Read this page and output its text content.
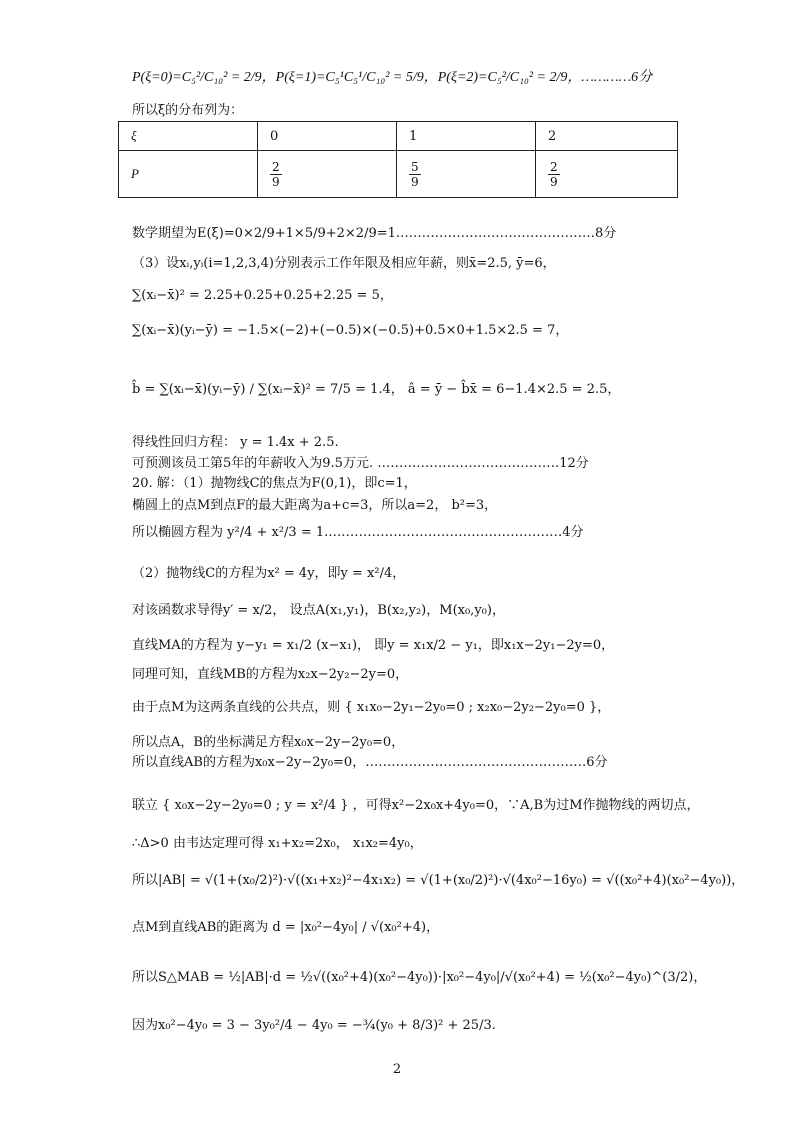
P(ξ=0)=C₅²/C₁₀² = 2/9，P(ξ=1)=C₅¹C₅¹/C₁₀² = 5/9，P(ξ=2)=C₅²/C₁₀² = 2/9，…………6分
所以ξ的分布列为：
ξ	0	1	2
P	$\frac{2}{9}$	$\frac{5}{9}$	$\frac{2}{9}$
数学期望为E(ξ)=0×2/9+1×5/9+2×2/9=1.………………………………………8分
（3）设xᵢ,yᵢ(i=1,2,3,4)分别表示工作年限及相应年薪，则x̄=2.5, ȳ=6，
∑(xᵢ−x̄)² = 2.25+0.25+0.25+2.25 = 5，
∑(xᵢ−x̄)(yᵢ−ȳ) = −1.5×(−2)+(−0.5)×(−0.5)+0.5×0+1.5×2.5 = 7，
b̂ = ∑(xᵢ−x̄)(yᵢ−ȳ) / ∑(xᵢ−x̄)² = 7/5 = 1.4， â = ȳ − b̂x̄ = 6−1.4×2.5 = 2.5，
得线性回归方程： y = 1.4x + 2.5.
可预测该员工第5年的年薪收入为9.5万元. ……………………………………12分
20. 解：（1）抛物线C的焦点为F(0,1)，即c=1，
椭圆上的点M到点F的最大距离为a+c=3，所以a=2， b²=3，
所以椭圆方程为 y²/4 + x²/3 = 1.………………………………………………4分
（2）抛物线C的方程为x² = 4y，即y = x²/4，
对该函数求导得y′ = x/2， 设点A(x₁,y₁)，B(x₂,y₂)，M(x₀,y₀)，
直线MA的方程为 y−y₁ = x₁/2 (x−x₁)， 即y = x₁x/2 − y₁，即x₁x−2y₁−2y=0，
同理可知，直线MB的方程为x₂x−2y₂−2y=0，
由于点M为这两条直线的公共点，则 { x₁x₀−2y₁−2y₀=0 ; x₂x₀−2y₂−2y₀=0 }，
所以点A，B的坐标满足方程x₀x−2y−2y₀=0，
所以直线AB的方程为x₀x−2y−2y₀=0，……………………………………………6分
联立 { x₀x−2y−2y₀=0 ; y = x²/4 } ，可得x²−2x₀x+4y₀=0，∵A,B为过M作抛物线的两切点，
∴Δ>0 由韦达定理可得 x₁+x₂=2x₀， x₁x₂=4y₀，
所以|AB| = √(1+(x₀/2)²)·√((x₁+x₂)²−4x₁x₂) = √(1+(x₀/2)²)·√(4x₀²−16y₀) = √((x₀²+4)(x₀²−4y₀))，
点M到直线AB的距离为 d = |x₀²−4y₀| / √(x₀²+4)，
所以S△MAB = ½|AB|·d = ½√((x₀²+4)(x₀²−4y₀))·|x₀²−4y₀|/√(x₀²+4) = ½(x₀²−4y₀)^(3/2)，
因为x₀²−4y₀ = 3 − 3y₀²/4 − 4y₀ = −¾(y₀ + 8/3)² + 25/3.
2
